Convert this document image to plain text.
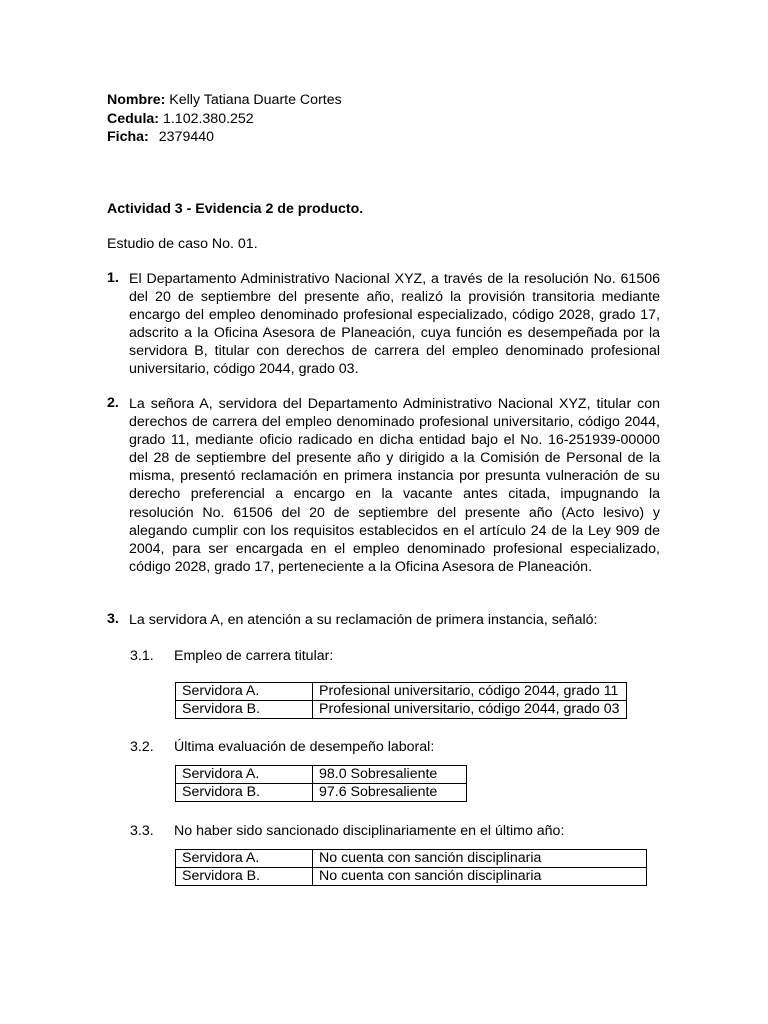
Nombre: Kelly Tatiana Duarte Cortes
Cedula: 1.102.380.252
Ficha: 2379440
Actividad 3 - Evidencia 2 de producto.
Estudio de caso No. 01.
1. El Departamento Administrativo Nacional XYZ, a través de la resolución No. 61506 del 20 de septiembre del presente año, realizó la provisión transitoria mediante encargo del empleo denominado profesional especializado, código 2028, grado 17, adscrito a la Oficina Asesora de Planeación, cuya función es desempeñada por la servidora B, titular con derechos de carrera del empleo denominado profesional universitario, código 2044, grado 03.
2. La señora A, servidora del Departamento Administrativo Nacional XYZ, titular con derechos de carrera del empleo denominado profesional universitario, código 2044, grado 11, mediante oficio radicado en dicha entidad bajo el No. 16-251939-00000 del 28 de septiembre del presente año y dirigido a la Comisión de Personal de la misma, presentó reclamación en primera instancia por presunta vulneración de su derecho preferencial a encargo en la vacante antes citada, impugnando la resolución No. 61506 del 20 de septiembre del presente año (Acto lesivo) y alegando cumplir con los requisitos establecidos en el artículo 24 de la Ley 909 de 2004, para ser encargada en el empleo denominado profesional especializado, código 2028, grado 17, perteneciente a la Oficina Asesora de Planeación.
3. La servidora A, en atención a su reclamación de primera instancia, señaló:
3.1. Empleo de carrera titular:
Servidora A.	Profesional universitario, código 2044, grado 11
Servidora B.	Profesional universitario, código 2044, grado 03
3.2. Última evaluación de desempeño laboral:
Servidora A.	98.0 Sobresaliente
Servidora B.	97.6 Sobresaliente
3.3. No haber sido sancionado disciplinariamente en el último año:
Servidora A.	No cuenta con sanción disciplinaria
Servidora B.	No cuenta con sanción disciplinaria
